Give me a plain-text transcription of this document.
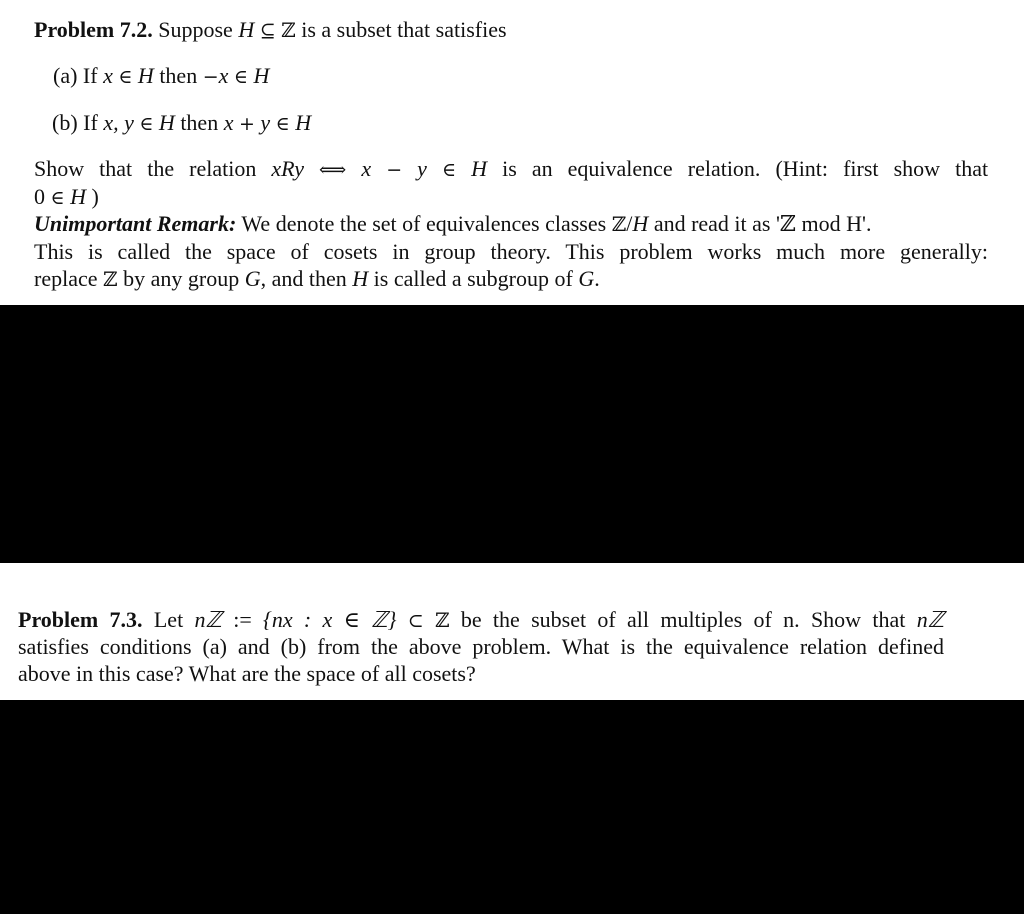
Problem 7.2. Suppose H ⊆ ℤ is a subset that satisfies
(a) If x ∈ H then −x ∈ H
(b) If x, y ∈ H then x + y ∈ H
Show that the relation xRy ⟺ x − y ∈ H is an equivalence relation. (Hint: first show that
0 ∈ H )
Unimportant Remark: We denote the set of equivalences classes ℤ/H and read it as 'ℤ mod H'.
This is called the space of cosets in group theory. This problem works much more generally:
replace ℤ by any group G, and then H is called a subgroup of G.
Problem 7.3. Let nℤ := {nx : x ∈ ℤ} ⊂ ℤ be the subset of all multiples of n. Show that nℤ
satisfies conditions (a) and (b) from the above problem. What is the equivalence relation defined
above in this case? What are the space of all cosets?
